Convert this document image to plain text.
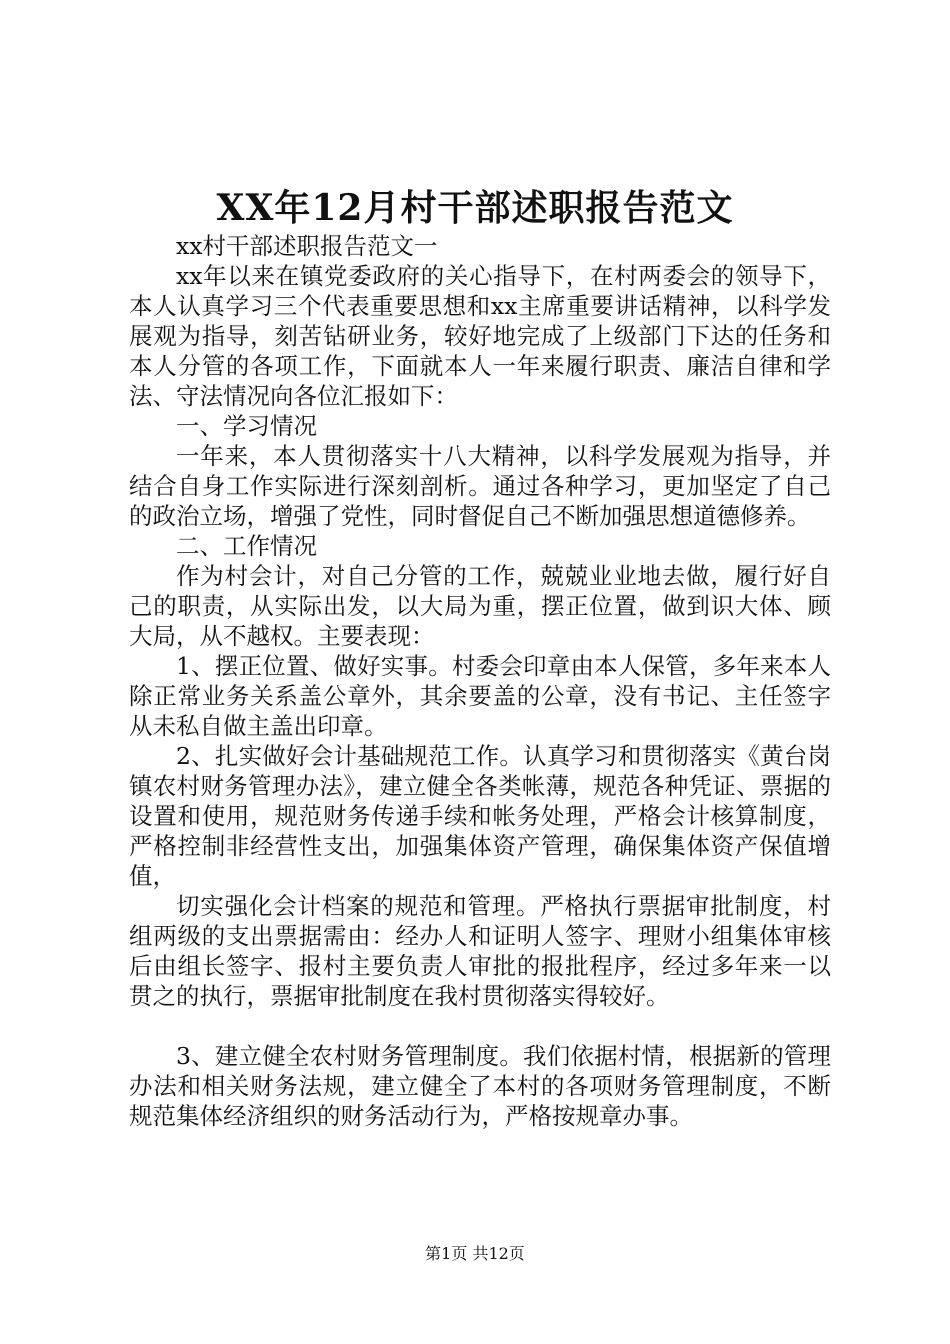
XX年12月村干部述职报告范文

xx村干部述职报告范文一

xx年以来在镇党委政府的关心指导下，在村两委会的领导下，本人认真学习三个代表重要思想和xx主席重要讲话精神，以科学发展观为指导，刻苦钻研业务，较好地完成了上级部门下达的任务和本人分管的各项工作，下面就本人一年来履行职责、廉洁自律和学法、守法情况向各位汇报如下：

一、学习情况

一年来，本人贯彻落实十八大精神，以科学发展观为指导，并结合自身工作实际进行深刻剖析。通过各种学习，更加坚定了自己的政治立场，增强了党性，同时督促自己不断加强思想道德修养。

二、工作情况

作为村会计，对自己分管的工作，兢兢业业地去做，履行好自己的职责，从实际出发，以大局为重，摆正位置，做到识大体、顾大局，从不越权。主要表现：

1、摆正位置、做好实事。村委会印章由本人保管，多年来本人除正常业务关系盖公章外，其余要盖的公章，没有书记、主任签字从未私自做主盖出印章。

2、扎实做好会计基础规范工作。认真学习和贯彻落实《黄台岗镇农村财务管理办法》，建立健全各类帐薄，规范各种凭证、票据的设置和使用，规范财务传递手续和帐务处理，严格会计核算制度，严格控制非经营性支出，加强集体资产管理，确保集体资产保值增值，

切实强化会计档案的规范和管理。严格执行票据审批制度，村组两级的支出票据需由：经办人和证明人签字、理财小组集体审核后由组长签字、报村主要负责人审批的报批程序，经过多年来一以贯之的执行，票据审批制度在我村贯彻落实得较好。

3、建立健全农村财务管理制度。我们依据村情，根据新的管理办法和相关财务法规，建立健全了本村的各项财务管理制度，不断规范集体经济组织的财务活动行为，严格按规章办事。

第1页 共12页
